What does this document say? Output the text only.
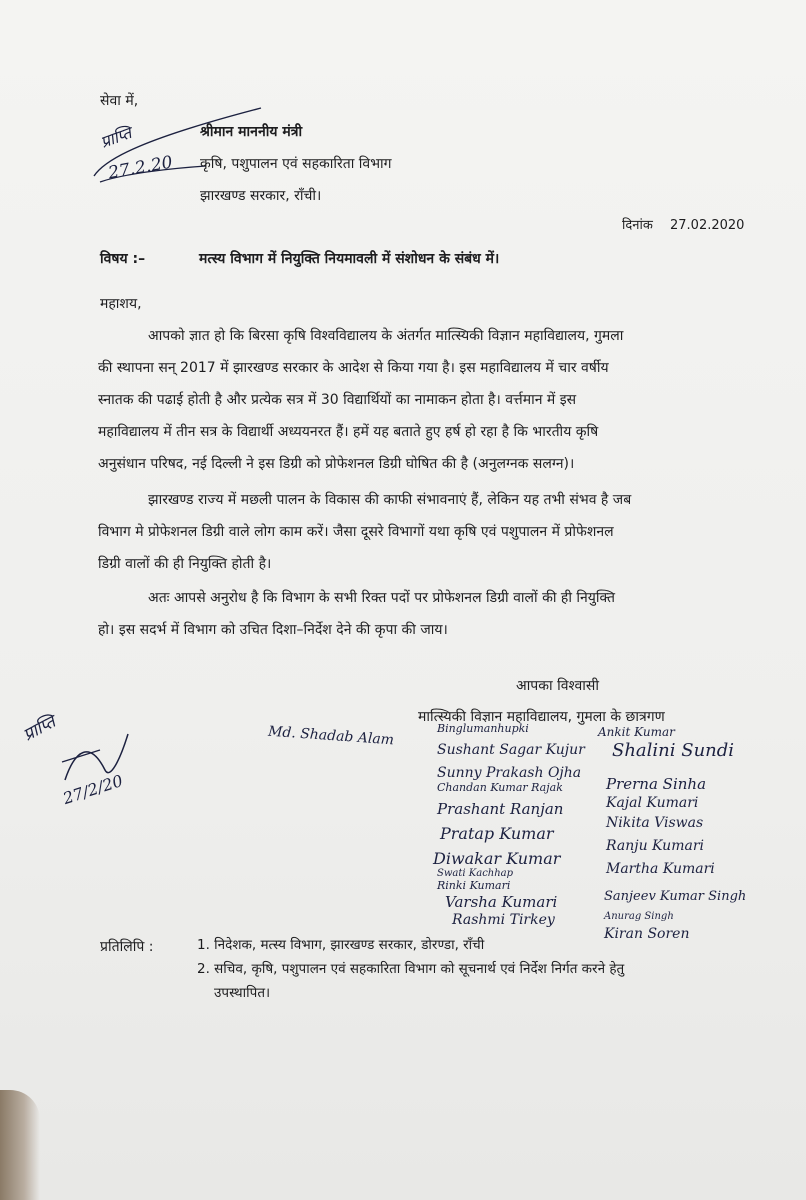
सेवा में,
प्राप्ति
27.2.20
श्रीमान माननीय मंत्री
कृषि, पशुपालन एवं सहकारिता विभाग
झारखण्ड सरकार, राँची।
दिनांक 27.02.2020
विषय :–	मत्स्य विभाग में नियुक्ति नियमावली में संशोधन के संबंध में।
महाशय,
आपको ज्ञात हो कि बिरसा कृषि विश्वविद्यालय के अंतर्गत मात्स्यिकी विज्ञान महाविद्यालय, गुमला
की स्थापना सन् 2017 में झारखण्ड सरकार के आदेश से किया गया है। इस महाविद्यालय में चार वर्षीय
स्नातक की पढाई होती है और प्रत्येक सत्र में 30 विद्यार्थियों का नामाकन होता है। वर्त्तमान में इस
महाविद्यालय में तीन सत्र के विद्यार्थी अध्ययनरत हैं। हमें यह बताते हुए हर्ष हो रहा है कि भारतीय कृषि
अनुसंधान परिषद, नई दिल्ली ने इस डिग्री को प्रोफेशनल डिग्री घोषित की है (अनुलग्नक सलग्न)।
झारखण्ड राज्य में मछली पालन के विकास की काफी संभावनाएं हैं, लेकिन यह तभी संभव है जब
विभाग मे प्रोफेशनल डिग्री वाले लोग काम करें। जैसा दूसरे विभागों यथा कृषि एवं पशुपालन में प्रोफेशनल
डिग्री वालों की ही नियुक्ति होती है।
अतः आपसे अनुरोध है कि विभाग के सभी रिक्त पदों पर प्रोफेशनल डिग्री वालों की ही नियुक्ति
हो। इस सदर्भ में विभाग को उचित दिशा–निर्देश देने की कृपा की जाय।
आपका विश्वासी
मात्स्यिकी विज्ञान महाविद्यालय, गुमला के छात्रगण
प्राप्ति
27/2/20
Md. Shadab Alam	Binglumanhupki
Sushant Sagar Kujur
Sunny Prakash Ojha
Chandan Kumar Rajak
Prashant Ranjan
Pratap Kumar
Diwakar Kumar
Swati Kachhap
Rinki Kumari
Varsha Kumari
Rashmi Tirkey
Ankit Kumar
Shalini Sundi
Prerna Sinha
Kajal Kumari
Nikita Viswas
Ranju Kumari
Martha Kumari
Sanjeev Kumar Singh
Anurag Singh
Kiran Soren
प्रतिलिपि :	1. निदेशक, मत्स्य विभाग, झारखण्ड सरकार, डोरण्डा, राँची
2. सचिव, कृषि, पशुपालन एवं सहकारिता विभाग को सूचनार्थ एवं निर्देश निर्गत करने हेतु
उपस्थापित।
